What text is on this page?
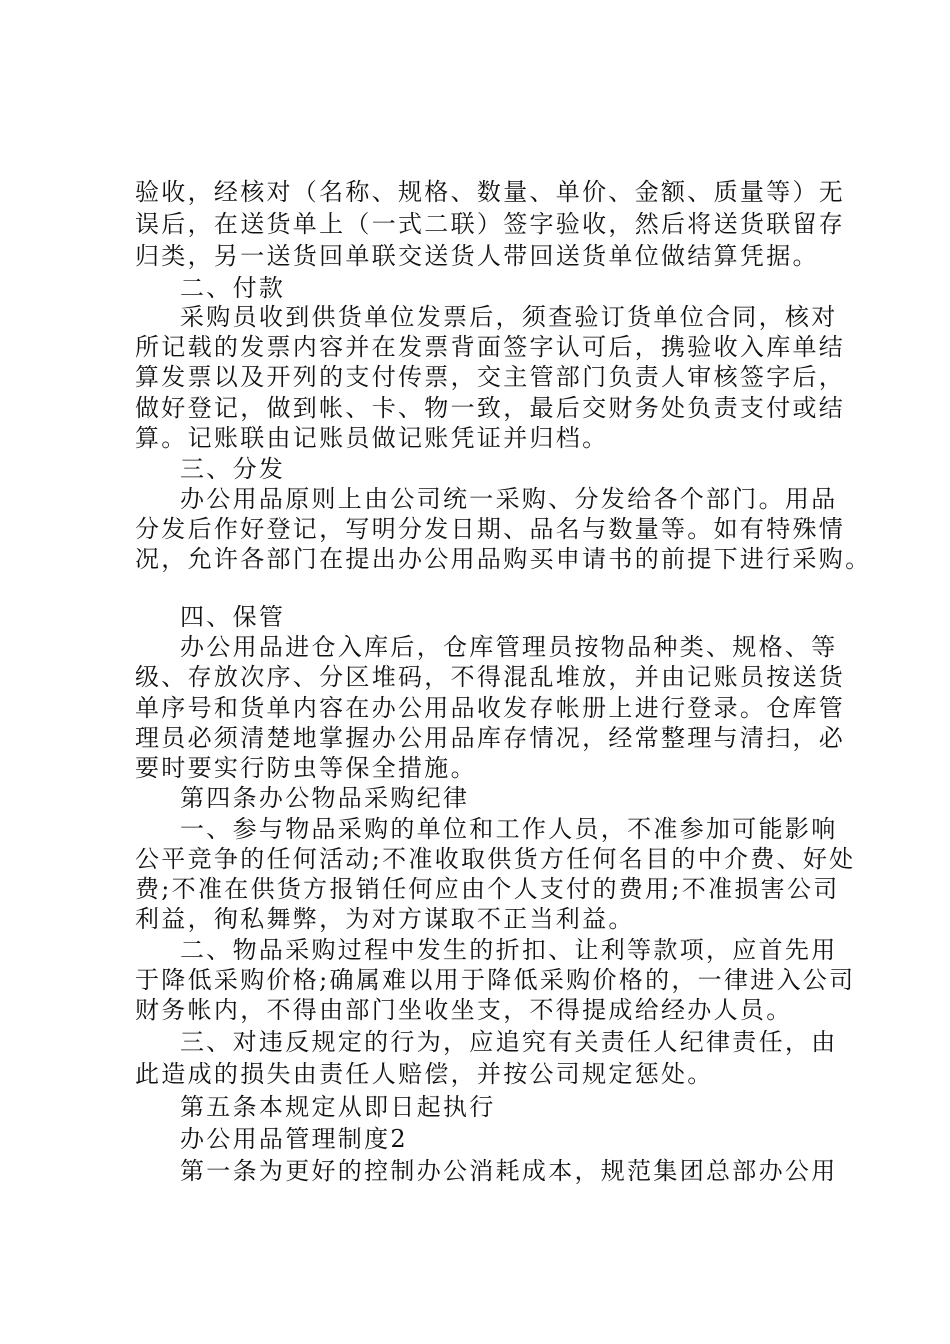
验收，经核对（名称、规格、数量、单价、金额、质量等）无
误后，在送货单上（一式二联）签字验收，然后将送货联留存
归类，另一送货回单联交送货人带回送货单位做结算凭据。
二、付款
采购员收到供货单位发票后，须查验订货单位合同，核对
所记载的发票内容并在发票背面签字认可后，携验收入库单结
算发票以及开列的支付传票，交主管部门负责人审核签字后，
做好登记，做到帐、卡、物一致，最后交财务处负责支付或结
算。记账联由记账员做记账凭证并归档。
三、分发
办公用品原则上由公司统一采购、分发给各个部门。用品
分发后作好登记，写明分发日期、品名与数量等。如有特殊情
况，允许各部门在提出办公用品购买申请书的前提下进行采购。
四、保管
办公用品进仓入库后，仓库管理员按物品种类、规格、等
级、存放次序、分区堆码，不得混乱堆放，并由记账员按送货
单序号和货单内容在办公用品收发存帐册上进行登录。仓库管
理员必须清楚地掌握办公用品库存情况，经常整理与清扫，必
要时要实行防虫等保全措施。
第四条办公物品采购纪律
一、参与物品采购的单位和工作人员，不准参加可能影响
公平竞争的任何活动;不准收取供货方任何名目的中介费、好处
费;不准在供货方报销任何应由个人支付的费用;不准损害公司
利益，徇私舞弊，为对方谋取不正当利益。
二、物品采购过程中发生的折扣、让利等款项，应首先用
于降低采购价格;确属难以用于降低采购价格的，一律进入公司
财务帐内，不得由部门坐收坐支，不得提成给经办人员。
三、对违反规定的行为，应追究有关责任人纪律责任，由
此造成的损失由责任人赔偿，并按公司规定惩处。
第五条本规定从即日起执行
办公用品管理制度2
第一条为更好的控制办公消耗成本，规范集团总部办公用
